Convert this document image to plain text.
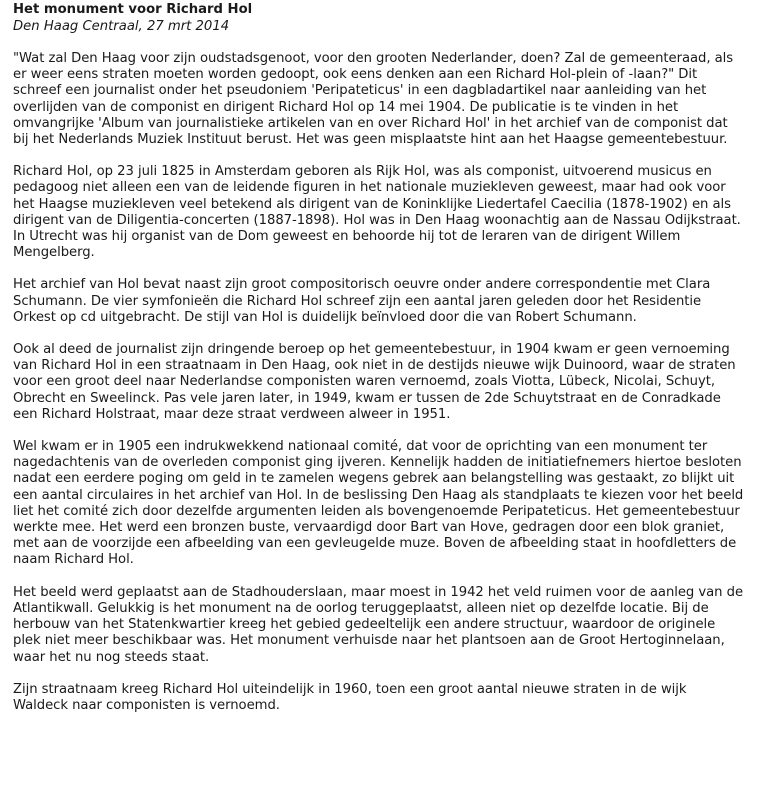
Het monument voor Richard Hol
Den Haag Centraal, 27 mrt 2014

"Wat zal Den Haag voor zijn oudstadsgenoot, voor den grooten Nederlander, doen? Zal de gemeenteraad, als er weer eens straten moeten worden gedoopt, ook eens denken aan een Richard Hol-plein of -laan?" Dit schreef een journalist onder het pseudoniem 'Peripateticus' in een dagbladartikel naar aanleiding van het overlijden van de componist en dirigent Richard Hol op 14 mei 1904. De publicatie is te vinden in het omvangrijke 'Album van journalistieke artikelen van en over Richard Hol' in het archief van de componist dat bij het Nederlands Muziek Instituut berust. Het was geen misplaatste hint aan het Haagse gemeentebestuur.

Richard Hol, op 23 juli 1825 in Amsterdam geboren als Rijk Hol, was als componist, uitvoerend musicus en pedagoog niet alleen een van de leidende figuren in het nationale muziekleven geweest, maar had ook voor het Haagse muziekleven veel betekend als dirigent van de Koninklijke Liedertafel Caecilia (1878-1902) en als dirigent van de Diligentia-concerten (1887-1898). Hol was in Den Haag woonachtig aan de Nassau Odijkstraat. In Utrecht was hij organist van de Dom geweest en behoorde hij tot de leraren van de dirigent Willem Mengelberg.

Het archief van Hol bevat naast zijn groot compositorisch oeuvre onder andere correspondentie met Clara Schumann. De vier symfonieën die Richard Hol schreef zijn een aantal jaren geleden door het Residentie Orkest op cd uitgebracht. De stijl van Hol is duidelijk beïnvloed door die van Robert Schumann.

Ook al deed de journalist zijn dringende beroep op het gemeentebestuur, in 1904 kwam er geen vernoeming van Richard Hol in een straatnaam in Den Haag, ook niet in de destijds nieuwe wijk Duinoord, waar de straten voor een groot deel naar Nederlandse componisten waren vernoemd, zoals Viotta, Lübeck, Nicolai, Schuyt, Obrecht en Sweelinck. Pas vele jaren later, in 1949, kwam er tussen de 2de Schuytstraat en de Conradkade een Richard Holstraat, maar deze straat verdween alweer in 1951.

Wel kwam er in 1905 een indrukwekkend nationaal comité, dat voor de oprichting van een monument ter nagedachtenis van de overleden componist ging ijveren. Kennelijk hadden de initiatiefnemers hiertoe besloten nadat een eerdere poging om geld in te zamelen wegens gebrek aan belangstelling was gestaakt, zo blijkt uit een aantal circulaires in het archief van Hol. In de beslissing Den Haag als standplaats te kiezen voor het beeld liet het comité zich door dezelfde argumenten leiden als bovengenoemde Peripateticus. Het gemeentebestuur werkte mee. Het werd een bronzen buste, vervaardigd door Bart van Hove, gedragen door een blok graniet, met aan de voorzijde een afbeelding van een gevleugelde muze. Boven de afbeelding staat in hoofdletters de naam Richard Hol.

Het beeld werd geplaatst aan de Stadhouderslaan, maar moest in 1942 het veld ruimen voor de aanleg van de Atlantikwall. Gelukkig is het monument na de oorlog teruggeplaatst, alleen niet op dezelfde locatie. Bij de herbouw van het Statenkwartier kreeg het gebied gedeeltelijk een andere structuur, waardoor de originele plek niet meer beschikbaar was. Het monument verhuisde naar het plantsoen aan de Groot Hertoginnelaan, waar het nu nog steeds staat.

Zijn straatnaam kreeg Richard Hol uiteindelijk in 1960, toen een groot aantal nieuwe straten in de wijk Waldeck naar componisten is vernoemd.
